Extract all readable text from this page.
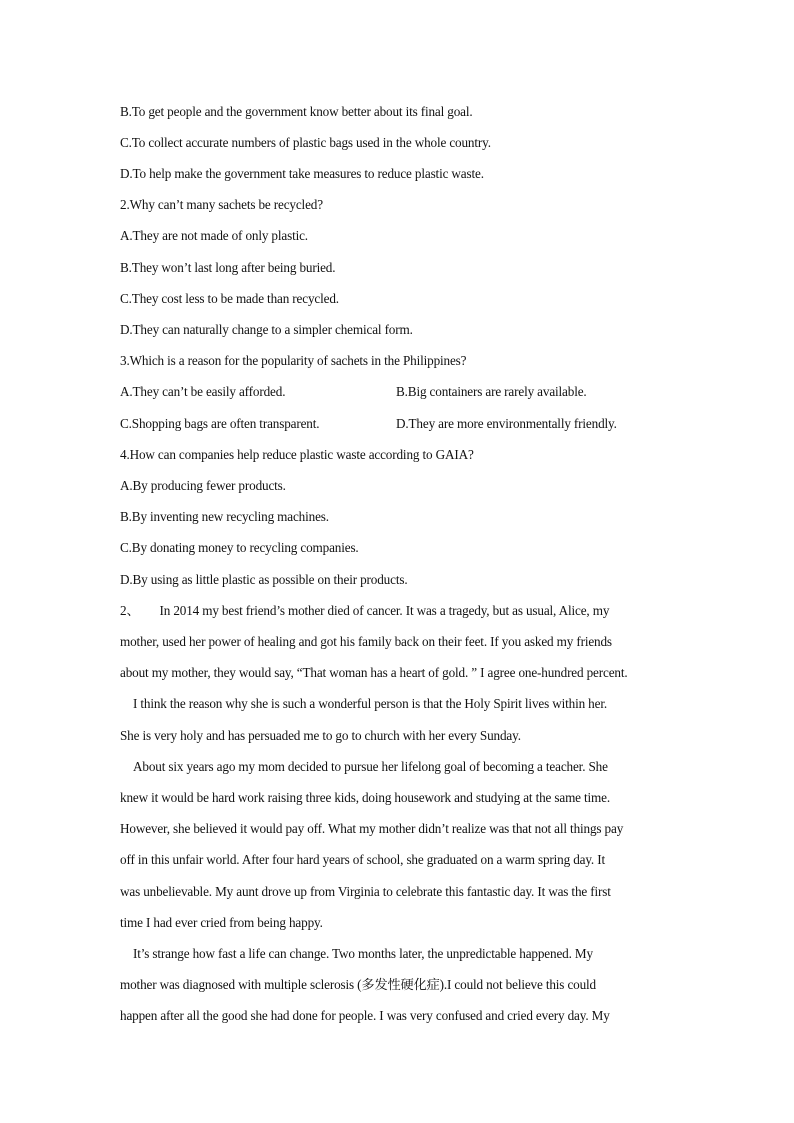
B.To get people and the government know better about its final goal.
C.To collect accurate numbers of plastic bags used in the whole country.
D.To help make the government take measures to reduce plastic waste.
2.Why can’t many sachets be recycled?
A.They are not made of only plastic.
B.They won’t last long after being buried.
C.They cost less to be made than recycled.
D.They can naturally change to a simpler chemical form.
3.Which is a reason for the popularity of sachets in the Philippines?
A.They can’t be easily afforded.	B.Big containers are rarely available.
C.Shopping bags are often transparent.	D.They are more environmentally friendly.
4.How can companies help reduce plastic waste according to GAIA?
A.By producing fewer products.
B.By inventing new recycling machines.
C.By donating money to recycling companies.
D.By using as little plastic as possible on their products.
2、 In 2014 my best friend’s mother died of cancer. It was a tragedy, but as usual, Alice, my
mother, used her power of healing and got his family back on their feet. If you asked my friends
about my mother, they would say, “That woman has a heart of gold. ” I agree one-hundred percent.
I think the reason why she is such a wonderful person is that the Holy Spirit lives within her.
She is very holy and has persuaded me to go to church with her every Sunday.
About six years ago my mom decided to pursue her lifelong goal of becoming a teacher. She
knew it would be hard work raising three kids, doing housework and studying at the same time.
However, she believed it would pay off. What my mother didn’t realize was that not all things pay
off in this unfair world. After four hard years of school, she graduated on a warm spring day. It
was unbelievable. My aunt drove up from Virginia to celebrate this fantastic day. It was the first
time I had ever cried from being happy.
It’s strange how fast a life can change. Two months later, the unpredictable happened. My
mother was diagnosed with multiple sclerosis (多发性硬化症).I could not believe this could
happen after all the good she had done for people. I was very confused and cried every day. My
